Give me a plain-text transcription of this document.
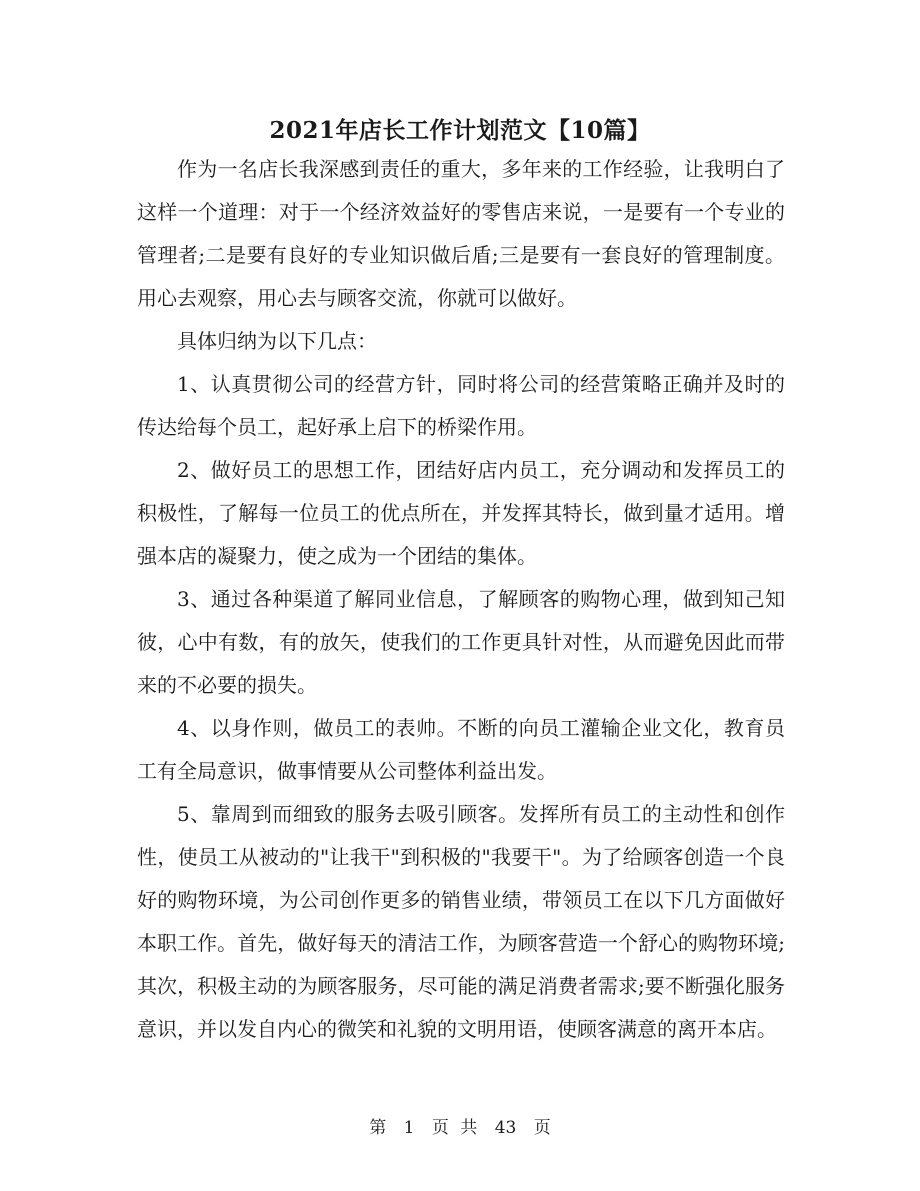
2021年店长工作计划范文【10篇】

作为一名店长我深感到责任的重大，多年来的工作经验，让我明白了这样一个道理：对于一个经济效益好的零售店来说，一是要有一个专业的管理者;二是要有良好的专业知识做后盾;三是要有一套良好的管理制度。用心去观察，用心去与顾客交流，你就可以做好。

具体归纳为以下几点：

1、认真贯彻公司的经营方针，同时将公司的经营策略正确并及时的传达给每个员工，起好承上启下的桥梁作用。

2、做好员工的思想工作，团结好店内员工，充分调动和发挥员工的积极性，了解每一位员工的优点所在，并发挥其特长，做到量才适用。增强本店的凝聚力，使之成为一个团结的集体。

3、通过各种渠道了解同业信息，了解顾客的购物心理，做到知己知彼，心中有数，有的放矢，使我们的工作更具针对性，从而避免因此而带来的不必要的损失。

4、以身作则，做员工的表帅。不断的向员工灌输企业文化，教育员工有全局意识，做事情要从公司整体利益出发。

5、靠周到而细致的服务去吸引顾客。发挥所有员工的主动性和创作性，使员工从被动的"让我干"到积极的"我要干"。为了给顾客创造一个良好的购物环境，为公司创作更多的销售业绩，带领员工在以下几方面做好本职工作。首先，做好每天的清洁工作，为顾客营造一个舒心的购物环境;其次，积极主动的为顾客服务，尽可能的满足消费者需求;要不断强化服务意识，并以发自内心的微笑和礼貌的文明用语，使顾客满意的离开本店。

第 1 页 共 43 页
